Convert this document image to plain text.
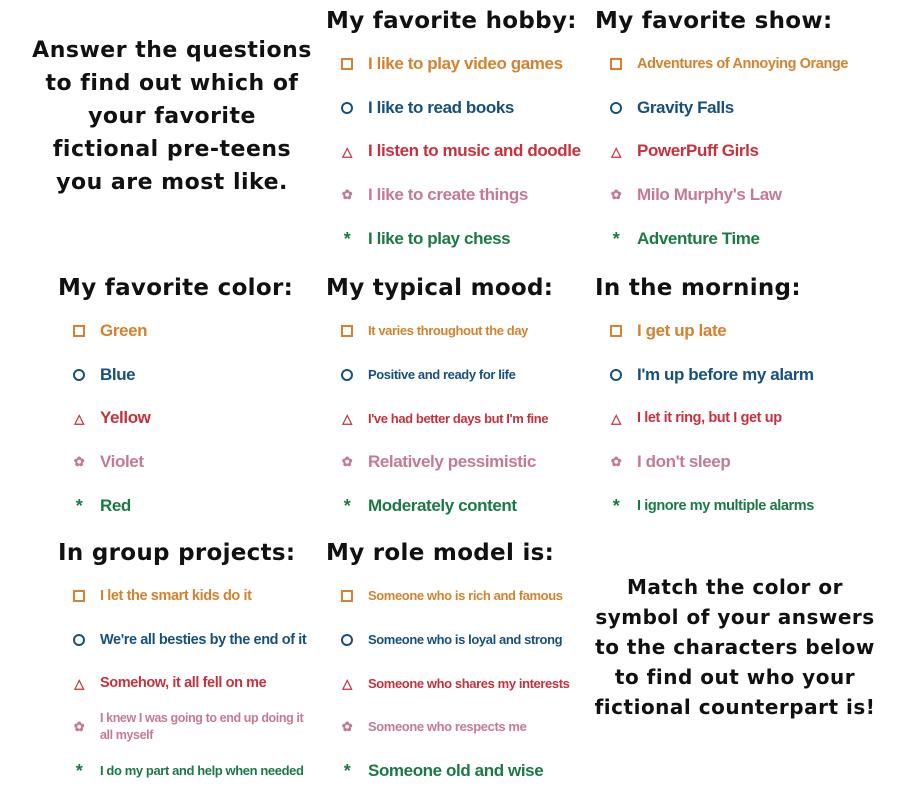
Answer the questions to find out which of your favorite fictional pre-teens you are most like.
Match the color or symbol of your answers to the characters below to find out who your fictional counterpart is!
My favorite hobby:
I like to play video games
I like to read books
△ I listen to music and doodle
✿ I like to create things
*	I like to play chess
My favorite show:
Adventures of Annoying Orange
Gravity Falls
△ PowerPuff Girls
✿ Milo Murphy's Law
*	Adventure Time
My favorite color:
Green
Blue
△ Yellow
✿ Violet
*	Red
My typical mood:
It varies throughout the day
Positive and ready for life
△	I've had better days but I'm fine
✿ Relatively pessimistic
*	Moderately content
In the morning:
I get up late
I'm up before my alarm
△	I let it ring, but I get up
✿ I don't sleep
*	I ignore my multiple alarms
In group projects:
I let the smart kids do it
We're all besties by the end of it
△	Somehow, it all fell on me
✿
I knew I was going to end up doing it all myself
*	I do my part and help when needed
My role model is:
Someone who is rich and famous
Someone who is loyal and strong
△	Someone who shares my interests
✿	Someone who respects me
*	Someone old and wise
